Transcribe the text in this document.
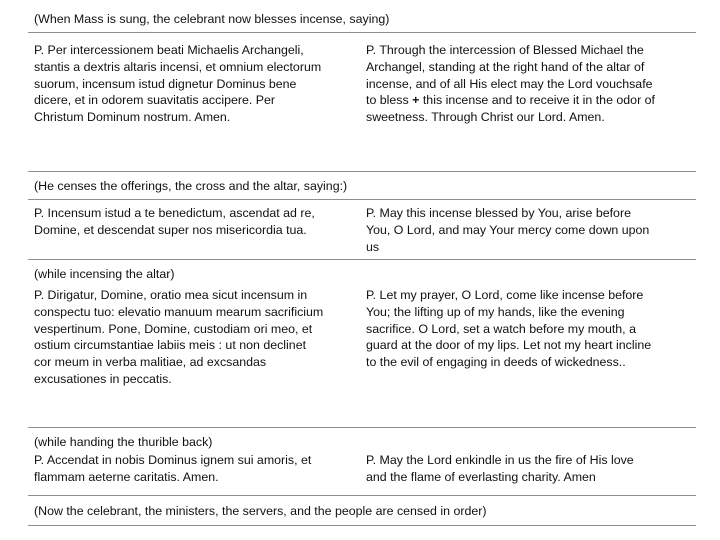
(When Mass is sung, the celebrant now blesses incense, saying)
P. Per intercessionem beati Michaelis Archangeli,
stantis a dextris altaris incensi, et omnium electorum
suorum, incensum istud dignetur Dominus bene
dicere, et in odorem suavitatis accipere. Per
Christum Dominum nostrum. Amen.
P. Through the intercession of Blessed Michael the
Archangel, standing at the right hand of the altar of
incense, and of all His elect may the Lord vouchsafe
to bless + this incense and to receive it in the odor of
sweetness. Through Christ our Lord. Amen.
(He censes the offerings, the cross and the altar, saying:)
P. Incensum istud a te benedictum, ascendat ad re,
Domine, et descendat super nos misericordia tua.
P. May this incense blessed by You, arise before
You, O Lord, and may Your mercy come down upon
us
(while incensing the altar)
P. Dirigatur, Domine, oratio mea sicut incensum in
conspectu tuo: elevatio manuum mearum sacrificium
vespertinum. Pone, Domine, custodiam ori meo, et
ostium circumstantiae labiis meis : ut non declinet
cor meum in verba malitiae, ad excsandas
excusationes in peccatis.
P. Let my prayer, O Lord, come like incense before
You; the lifting up of my hands, like the evening
sacrifice. O Lord, set a watch before my mouth, a
guard at the door of my lips. Let not my heart incline
to the evil of engaging in deeds of wickedness..
(while handing the thurible back)
P. Accendat in nobis Dominus ignem sui amoris, et
flammam aeterne caritatis. Amen.
P. May the Lord enkindle in us the fire of His love
and the flame of everlasting charity. Amen
(Now the celebrant, the ministers, the servers, and the people are censed in order)
